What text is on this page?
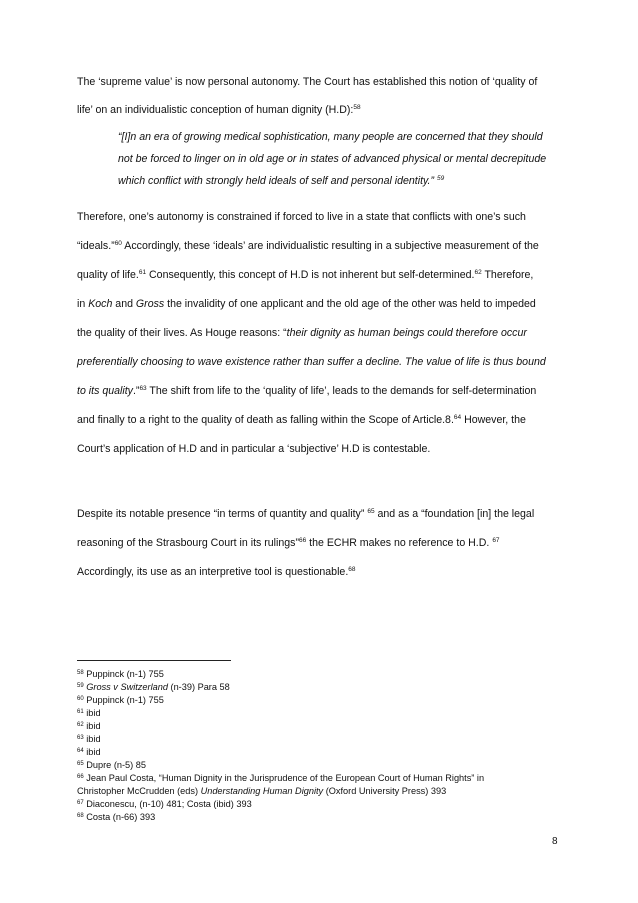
The ‘supreme value’ is now personal autonomy. The Court has established this notion of ‘quality of
life’ on an individualistic conception of human dignity (H.D):$^{58}$
“[I]n an era of growing medical sophistication, many people are concerned that they should
not be forced to linger on in old age or in states of advanced physical or mental decrepitude
which conflict with strongly held ideals of self and personal identity.” $^{59}$
Therefore, one’s autonomy is constrained if forced to live in a state that conflicts with one’s such
“ideals.”$^{60}$ Accordingly, these ‘ideals’ are individualistic resulting in a subjective measurement of the
quality of life.$^{61}$ Consequently, this concept of H.D is not inherent but self-determined.$^{62}$ Therefore,
in Koch and Gross the invalidity of one applicant and the old age of the other was held to impeded
the quality of their lives. As Houge reasons: “their dignity as human beings could therefore occur
preferentially choosing to wave existence rather than suffer a decline. The value of life is thus bound
to its quality.”$^{63}$ The shift from life to the ‘quality of life’, leads to the demands for self-determination
and finally to a right to the quality of death as falling within the Scope of Article.8.64 However, the
Court’s application of H.D and in particular a ‘subjective’ H.D is contestable.
Despite its notable presence “in terms of quantity and quality” $^{65}$ and as a “foundation [in] the legal
reasoning of the Strasbourg Court in its rulings”$^{66}$ the ECHR makes no reference to H.D. $^{67}$
Accordingly, its use as an interpretive tool is questionable.$^{68}$
$^{58}$ Puppinck (n-1) 755
$^{59}$ Gross v Switzerland (n-39) Para 58
$^{60}$ Puppinck (n-1) 755
$^{61}$ ibid
$^{62}$ ibid
$^{63}$ ibid
$^{64}$ ibid
$^{65}$ Dupre (n-5) 85
$^{66}$ Jean Paul Costa, “Human Dignity in the Jurisprudence of the European Court of Human Rights” in
Christopher McCrudden (eds) Understanding Human Dignity (Oxford University Press) 393
$^{67}$ Diaconescu, (n-10) 481; Costa (ibid) 393
$^{68}$ Costa (n-66) 393
8
